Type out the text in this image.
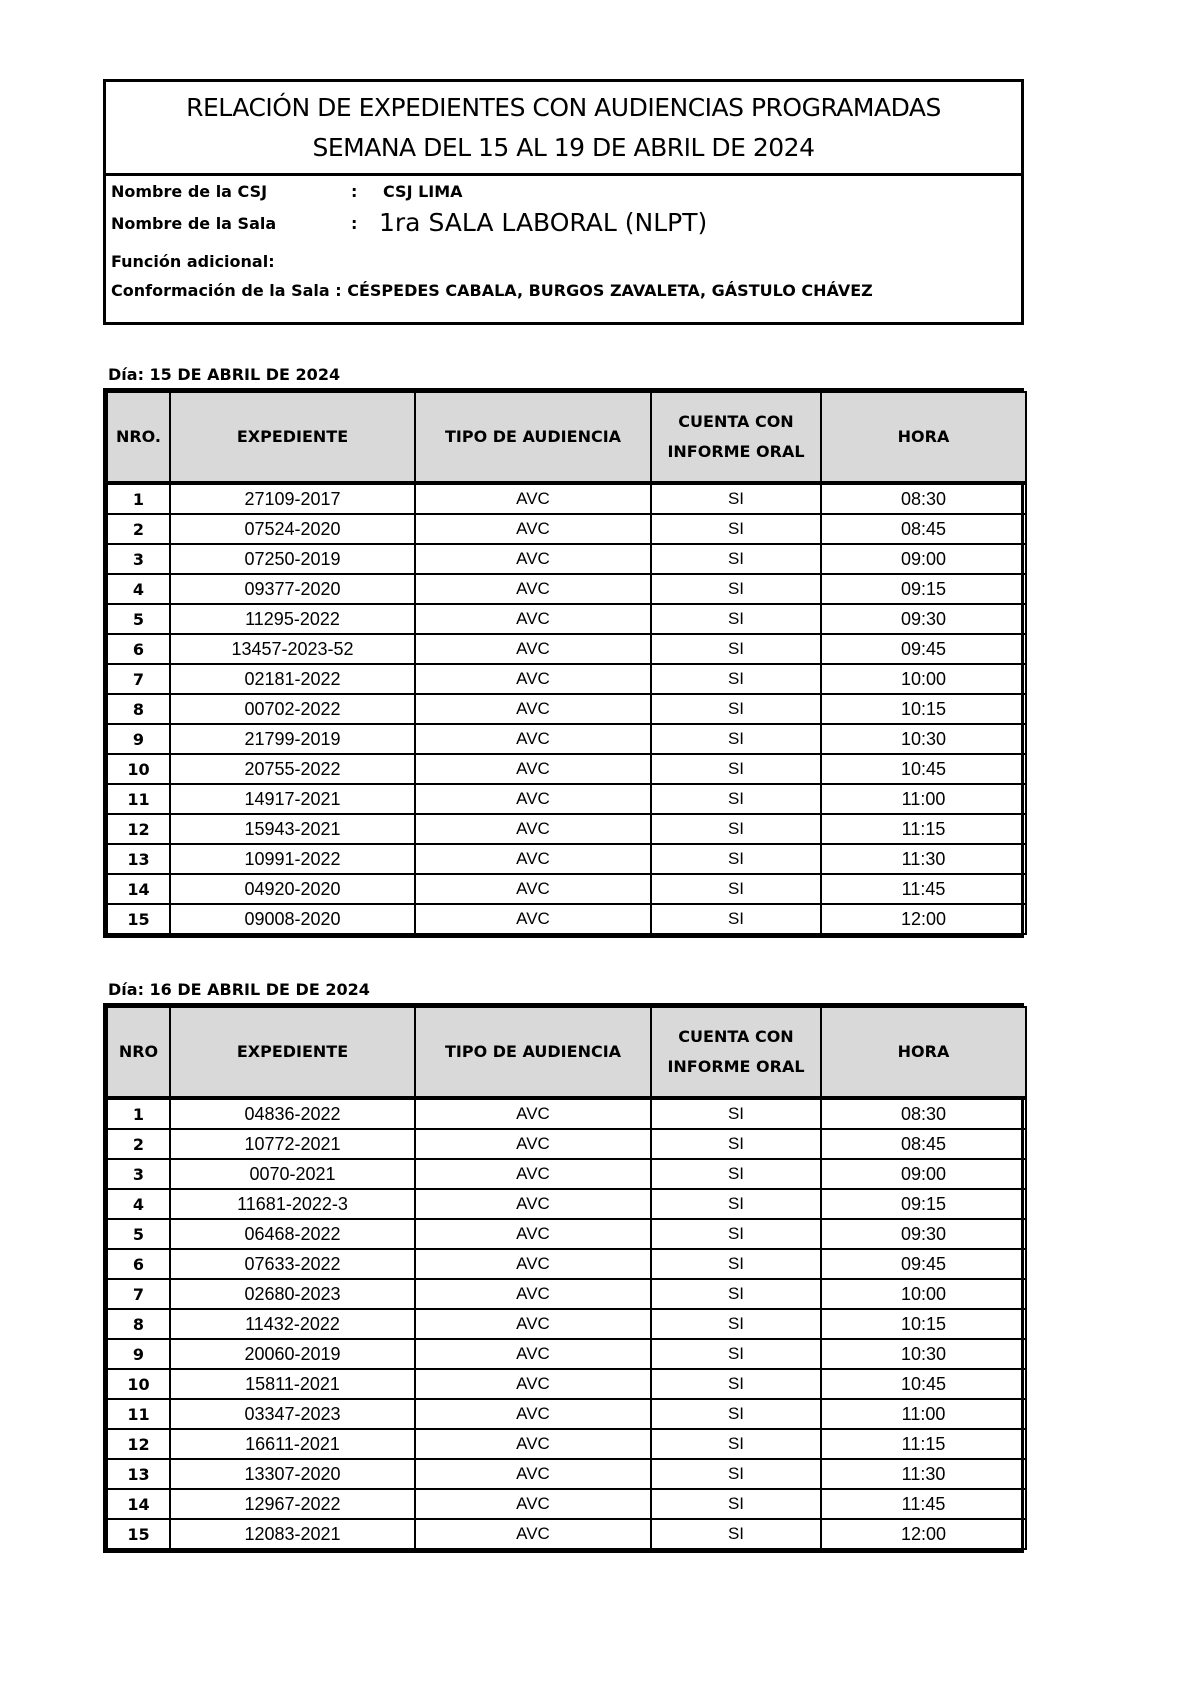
RELACIÓN DE EXPEDIENTES CON AUDIENCIAS PROGRAMADAS
SEMANA DEL 15 AL 19 DE ABRIL DE 2024
Nombre de la CSJ	: CSJ LIMA
Nombre de la Sala	: 1ra SALA LABORAL (NLPT)
Función adicional:
Conformación de la Sala : CÉSPEDES CABALA, BURGOS ZAVALETA, GÁSTULO CHÁVEZ
Día: 15 DE ABRIL DE 2024
NRO.	EXPEDIENTE	TIPO DE AUDIENCIA	CUENTA CON INFORME ORAL	HORA
1	27109-2017	AVC	SI	08:30
2	07524-2020	AVC	SI	08:45
3	07250-2019	AVC	SI	09:00
4	09377-2020	AVC	SI	09:15
5	11295-2022	AVC	SI	09:30
6	13457-2023-52	AVC	SI	09:45
7	02181-2022	AVC	SI	10:00
8	00702-2022	AVC	SI	10:15
9	21799-2019	AVC	SI	10:30
10	20755-2022	AVC	SI	10:45
11	14917-2021	AVC	SI	11:00
12	15943-2021	AVC	SI	11:15
13	10991-2022	AVC	SI	11:30
14	04920-2020	AVC	SI	11:45
15	09008-2020	AVC	SI	12:00
Día: 16 DE ABRIL DE DE 2024
NRO	EXPEDIENTE	TIPO DE AUDIENCIA	CUENTA CON INFORME ORAL	HORA
1	04836-2022	AVC	SI	08:30
2	10772-2021	AVC	SI	08:45
3	0070-2021	AVC	SI	09:00
4	11681-2022-3	AVC	SI	09:15
5	06468-2022	AVC	SI	09:30
6	07633-2022	AVC	SI	09:45
7	02680-2023	AVC	SI	10:00
8	11432-2022	AVC	SI	10:15
9	20060-2019	AVC	SI	10:30
10	15811-2021	AVC	SI	10:45
11	03347-2023	AVC	SI	11:00
12	16611-2021	AVC	SI	11:15
13	13307-2020	AVC	SI	11:30
14	12967-2022	AVC	SI	11:45
15	12083-2021	AVC	SI	12:00
